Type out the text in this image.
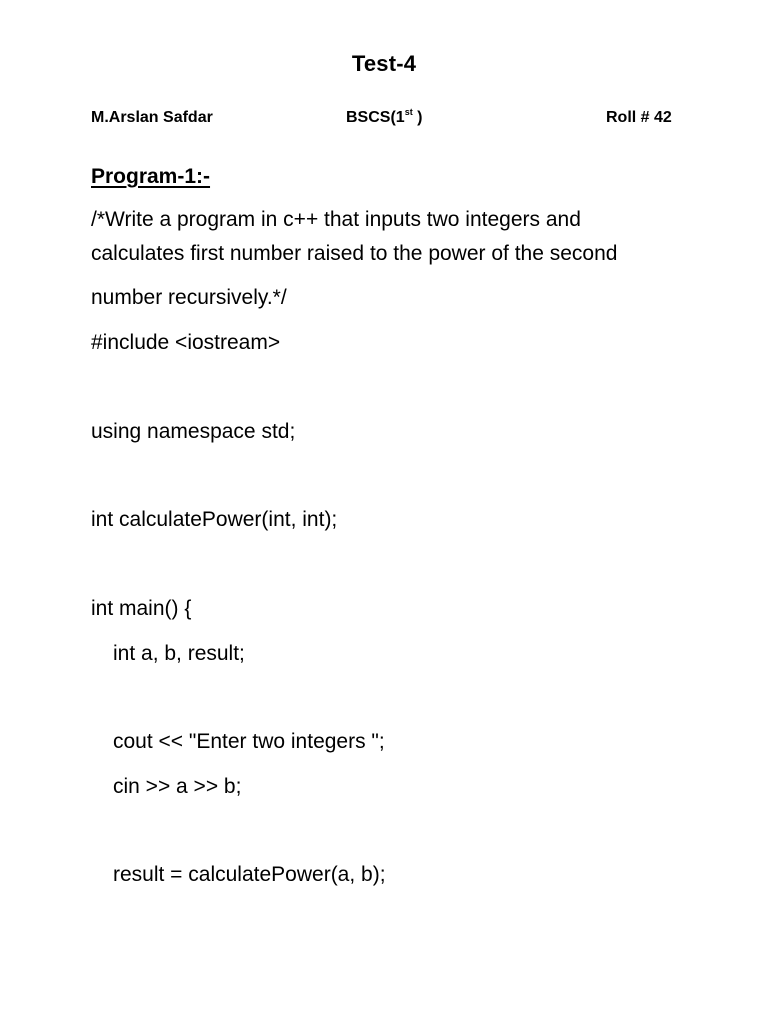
Test-4
M.Arslan Safdar	BSCS(1st )	Roll # 42
Program-1:-
/*Write a program in c++ that inputs two integers and
calculates first number raised to the power of the second
number recursively.*/
#include <iostream>
using namespace std;
int calculatePower(int, int);
int main() {
int a, b, result;
cout << "Enter two integers ";
cin >> a >> b;
result = calculatePower(a, b);
